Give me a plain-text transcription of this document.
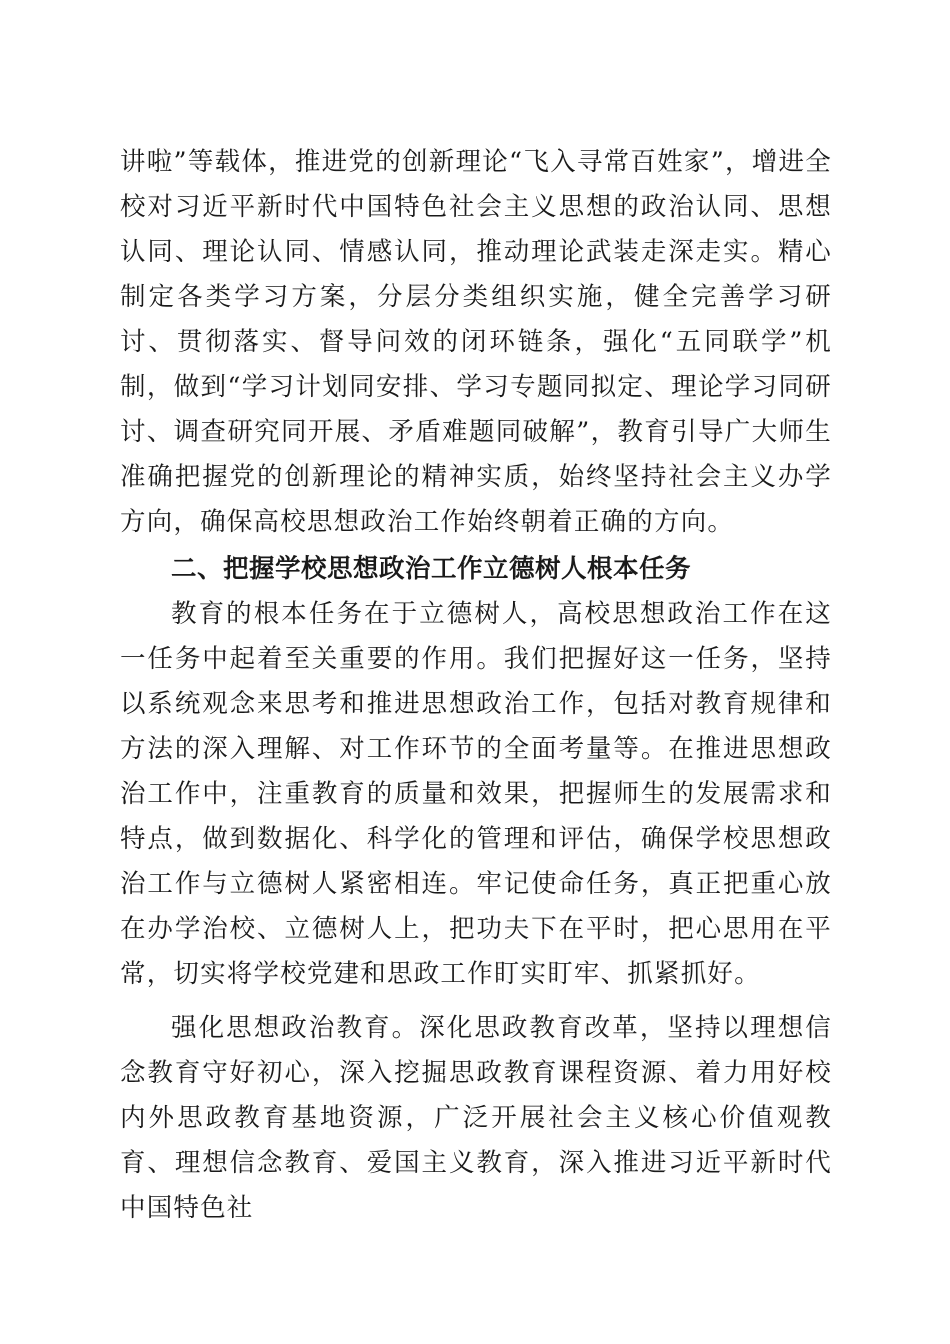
讲啦”等载体，推进党的创新理论“飞入寻常百姓家”，增进全校对习近平新时代中国特色社会主义思想的政治认同、思想认同、理论认同、情感认同，推动理论武装走深走实。精心制定各类学习方案，分层分类组织实施，健全完善学习研讨、贯彻落实、督导问效的闭环链条，强化“五同联学”机制，做到“学习计划同安排、学习专题同拟定、理论学习同研讨、调查研究同开展、矛盾难题同破解”，教育引导广大师生准确把握党的创新理论的精神实质，始终坚持社会主义办学方向，确保高校思想政治工作始终朝着正确的方向。

二、把握学校思想政治工作立德树人根本任务

教育的根本任务在于立德树人，高校思想政治工作在这一任务中起着至关重要的作用。我们把握好这一任务，坚持以系统观念来思考和推进思想政治工作，包括对教育规律和方法的深入理解、对工作环节的全面考量等。在推进思想政治工作中，注重教育的质量和效果，把握师生的发展需求和特点，做到数据化、科学化的管理和评估，确保学校思想政治工作与立德树人紧密相连。牢记使命任务，真正把重心放在办学治校、立德树人上，把功夫下在平时，把心思用在平常，切实将学校党建和思政工作盯实盯牢、抓紧抓好。

强化思想政治教育。深化思政教育改革，坚持以理想信念教育守好初心，深入挖掘思政教育课程资源、着力用好校内外思政教育基地资源，广泛开展社会主义核心价值观教育、理想信念教育、爱国主义教育，深入推进习近平新时代中国特色社
